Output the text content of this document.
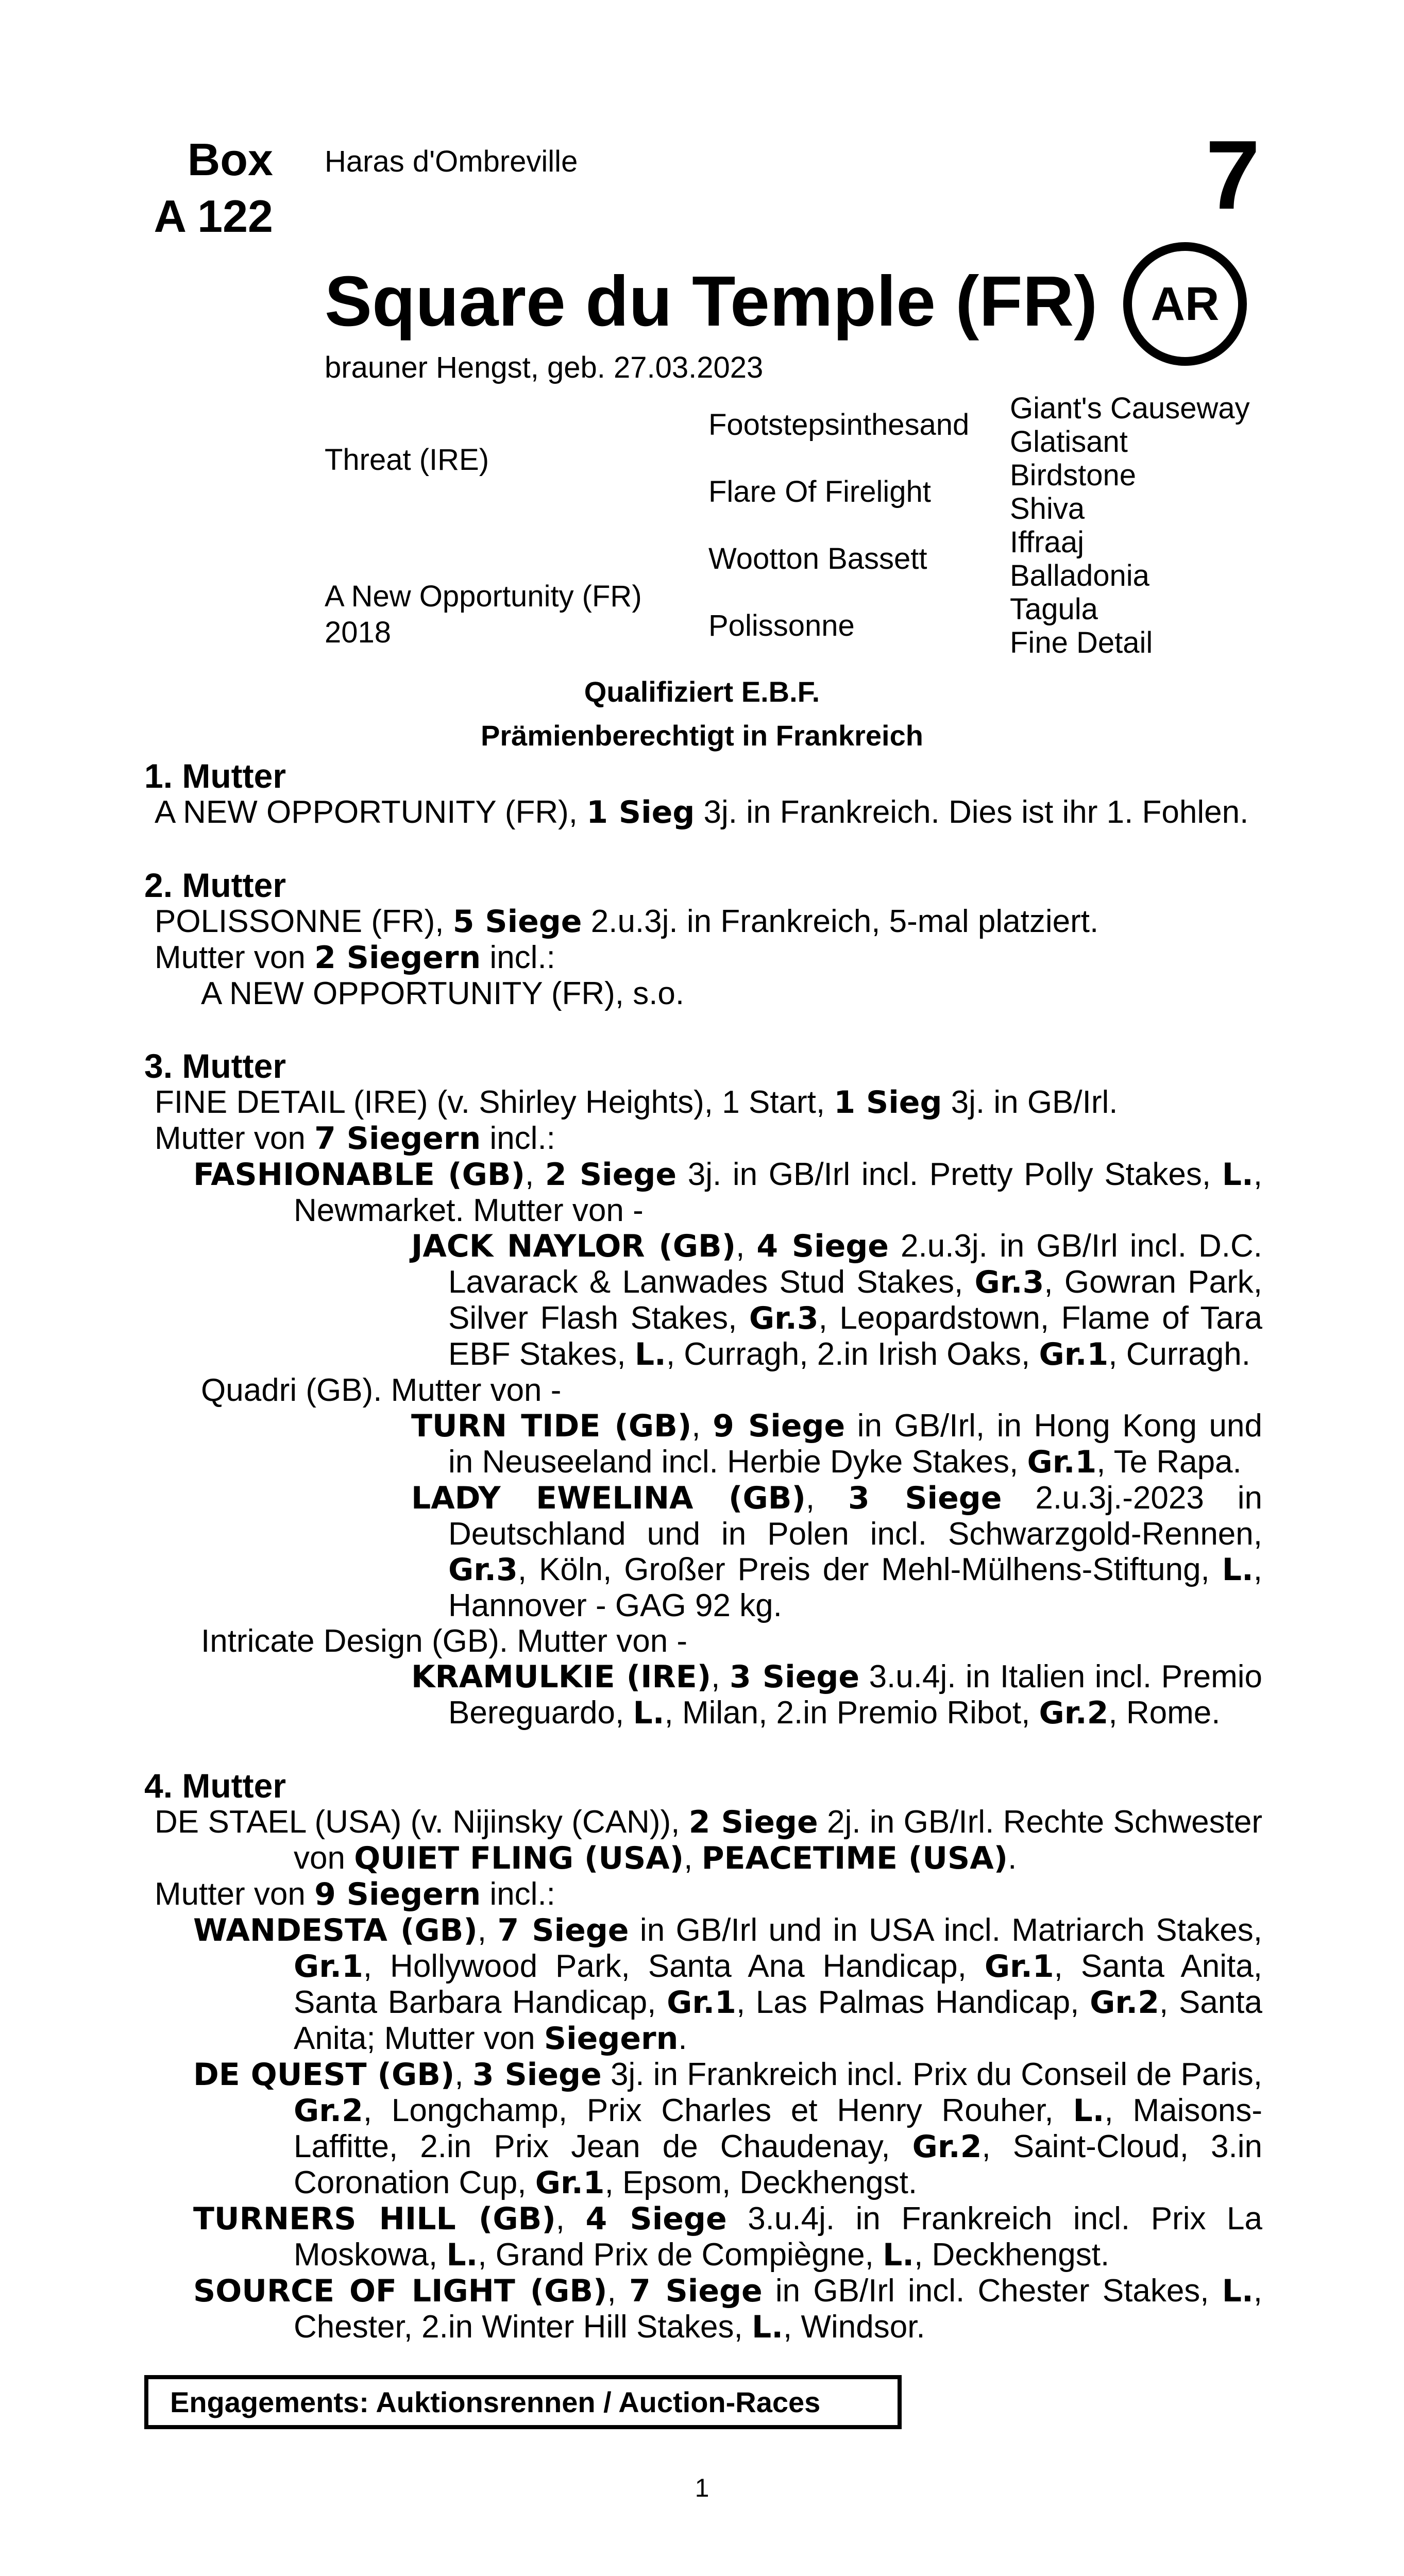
Box
A 122
Haras d'Ombreville	7
Square du Temple (FR) AR
brauner Hengst, geb. 27.03.2023
Threat (IRE)
A New Opportunity (FR)
2018
Footstepsinthesand
Flare Of Firelight
Wootton Bassett
Polissonne
Giant's Causeway
Glatisant
Birdstone
Shiva
Iffraaj
Balladonia
Tagula
Fine Detail
Qualifiziert E.B.F.
Prämienberechtigt in Frankreich
1. Mutter
A NEW OPPORTUNITY (FR), 1 Sieg 3j. in Frankreich. Dies ist ihr 1. Fohlen.
2. Mutter
POLISSONNE (FR), 5 Siege 2.u.3j. in Frankreich, 5-mal platziert.
Mutter von 2 Siegern incl.:
A NEW OPPORTUNITY (FR), s.o.
3. Mutter
FINE DETAIL (IRE) (v. Shirley Heights), 1 Start, 1 Sieg 3j. in GB/Irl.
Mutter von 7 Siegern incl.:
FASHIONABLE (GB), 2 Siege 3j. in GB/Irl incl. Pretty Polly Stakes, L., Newmarket. Mutter von -
JACK NAYLOR (GB), 4 Siege 2.u.3j. in GB/Irl incl. D.C. Lavarack & Lanwades Stud Stakes, Gr.3, Gowran Park, Silver Flash Stakes, Gr.3, Leopardstown, Flame of Tara EBF Stakes, L., Curragh, 2.in Irish Oaks, Gr.1, Curragh.
Quadri (GB). Mutter von -
TURN TIDE (GB), 9 Siege in GB/Irl, in Hong Kong und in Neuseeland incl. Herbie Dyke Stakes, Gr.1, Te Rapa.
LADY EWELINA (GB), 3 Siege 2.u.3j.-2023 in Deutschland und in Polen incl. Schwarzgold-Rennen, Gr.3, Köln, Großer Preis der Mehl-Mülhens-Stiftung, L., Hannover - GAG 92 kg.
Intricate Design (GB). Mutter von -
KRAMULKIE (IRE), 3 Siege 3.u.4j. in Italien incl. Premio Bereguardo, L., Milan, 2.in Premio Ribot, Gr.2, Rome.
4. Mutter
DE STAEL (USA) (v. Nijinsky (CAN)), 2 Siege 2j. in GB/Irl. Rechte Schwester von QUIET FLING (USA), PEACETIME (USA).
Mutter von 9 Siegern incl.:
WANDESTA (GB), 7 Siege in GB/Irl und in USA incl. Matriarch Stakes, Gr.1, Hollywood Park, Santa Ana Handicap, Gr.1, Santa Anita, Santa Barbara Handicap, Gr.1, Las Palmas Handicap, Gr.2, Santa Anita; Mutter von Siegern.
DE QUEST (GB), 3 Siege 3j. in Frankreich incl. Prix du Conseil de Paris, Gr.2, Longchamp, Prix Charles et Henry Rouher, L., Maisons-Laffitte, 2.in Prix Jean de Chaudenay, Gr.2, Saint-Cloud, 3.in Coronation Cup, Gr.1, Epsom, Deckhengst.
TURNERS HILL (GB), 4 Siege 3.u.4j. in Frankreich incl. Prix La Moskowa, L., Grand Prix de Compiègne, L., Deckhengst.
SOURCE OF LIGHT (GB), 7 Siege in GB/Irl incl. Chester Stakes, L., Chester, 2.in Winter Hill Stakes, L., Windsor.
Engagements: Auktionsrennen / Auction-Races
1
